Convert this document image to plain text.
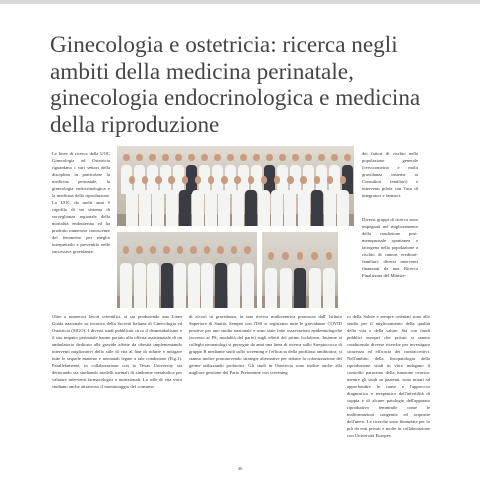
Ginecologia e ostetricia: ricerca negli ambiti della medicina perinatale, ginecologia endocrinologica e medicina della riproduzione

Le linee di ricerca della UOC Ginecologia ed Ostetricia riguardano i vari settori della disciplina in particolare la medicina perinatale, la ginecologia endocrinologica e la medicina della riproduzione. La UOC da molti anni è capofila di un sistema di sorveglianza regionale della mortalità endouterina ed ha prodotto numerose conoscenze del fenomeno per meglio interpretarlo e prevenirlo nelle successive gravidanze.

dei fattori di rischio nella popolazione generale (cervicometria e molti gravidanza insieme ai Consultori familiari) e interventi pilota con l'uso di integratori e farmaci.

Diversi gruppi di ricerca sono impegnati nel miglioramento della condizione post-menopausale spontanea o iatrogena nella popolazione a rischio di tumori ereditari-familiari: diversi interventi finanziati da una Ricerca Finalizzata del Ministe-

Oltre a numerosi lavori scientifici, si sta producendo una Linea Guida nazionale su incarico della Società Italiana di Ginecologia ed Ostetricia (SIGO). I diversi studi pubblicati circa il dismetabolismo e il suo impatto perinatale hanno portato alla offerta assistenziale di un ambulatorio dedicato alle gravide affette da obesità implementando interventi migliorativi dello stile di vita al fine di ridurre e mitigare tutte le sequele materne e neonatali legate a tale condizione (Fig.1). Parallelamente, in collaborazione con la Texas University sta dettorando sta studiando modelli mentali di sindrome metabolica per valutare interventi farmacologici e nutrizionali. Lo stile di vita visto studiano anche attraverso il monitoraggio del consumo

di alcool in gravidanza, in una ricerca multicentrica promossa dall' Istituto Superiore di Sanità. Sempre con l'ISS si registrano tutte le gravidanze COVID positive per uno studio nazionale e sono state fatte osservazioni epidemiologiche (accesso ai PS, modalità del parto) sugli effetti del primo lockdown. Insieme ai colleghi neonatologi si persegue da anni una linea di ricerca sullo Streptococco di gruppo B mediante studi sullo screening e l'efficacia della profilassi antibiotica; si stanno inoltre promuovendo strategie alternative per ridurre la colonizzazione del germe utilizzando probiotici. Gli studi in Ostetricia sono inoltre anche alla migliore gestione del Parto Pretermine con screening

ro della Salute e sempre orientati sono allo studio per il miglioramento della qualità della vita e della salute. Sia con fondi pubblici europei che privati si stanno conducendo diverse ricerche per investigare sicurezza ed efficacia dei contraccettivi. Nell'ambito della fisiopatologia della riproduzione studi in vitro indagano il controllo paracrino della funzione ovarica, mentre gli studi su pazienti, sono mirati ad approfondire le cause e l'approccio diagnostico e terapeutico dell'infertilità di coppia e di alcune patologie dell'apparato riproduttivo femminile come le malformazioni congenite ed acquisite dell'utero. Le ricerche sono finanziate per lo più da enti privati e molte in collaborazione con Università Europee.

46
